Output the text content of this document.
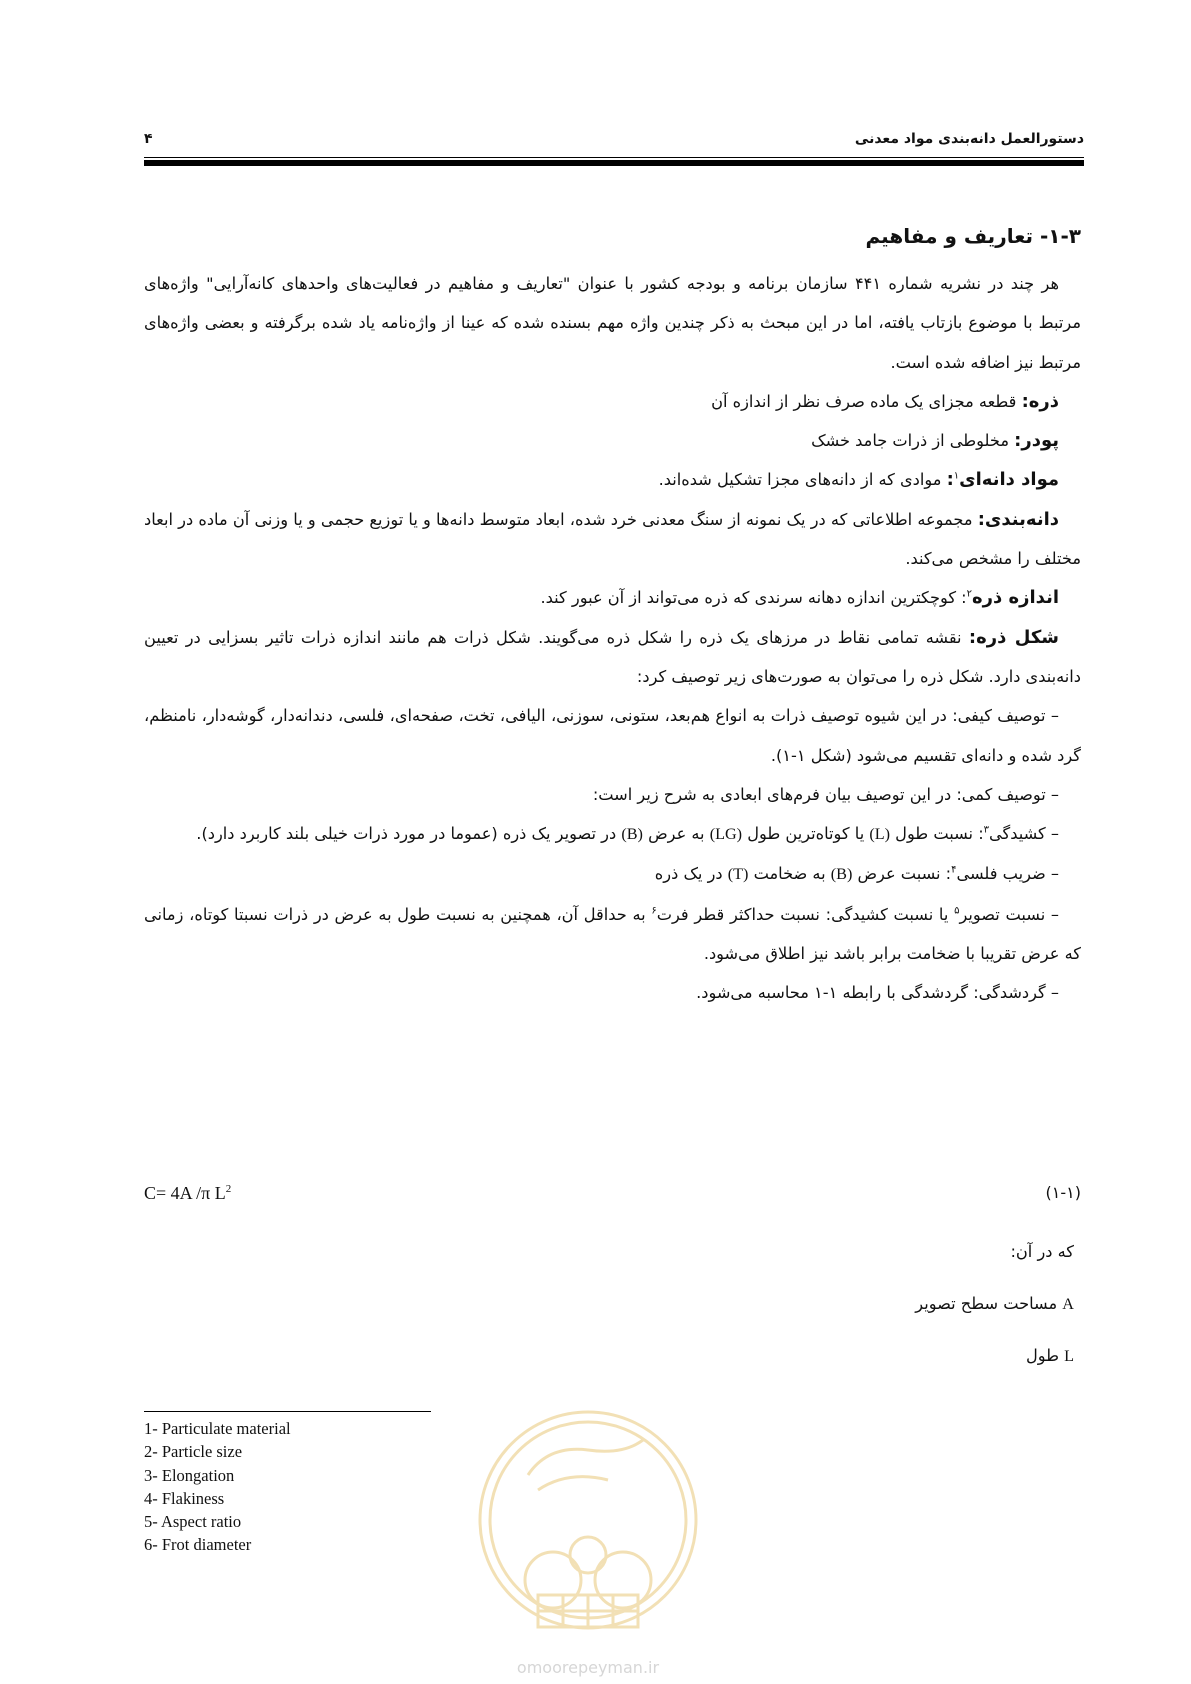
دستورالعمل دانه‌بندی مواد معدنی
۴

۱-۳- تعاریف و مفاهیم

هر چند در نشریه شماره ۴۴۱ سازمان برنامه و بودجه کشور با عنوان "تعاریف و مفاهیم در فعالیت‌های واحدهای کانه‌آرایی" واژه‌های مرتبط با موضوع بازتاب یافته، اما در این مبحث به ذکر چندین واژه مهم بسنده شده که عینا از واژه‌نامه یاد شده برگرفته و بعضی واژه‌های مرتبط نیز اضافه شده است.

ذره: قطعه مجزای یک ماده صرف نظر از اندازه آن

پودر: مخلوطی از ذرات جامد خشک

مواد دانه‌ای$^۱$: موادی که از دانه‌های مجزا تشکیل شده‌اند.

دانه‌بندی: مجموعه اطلاعاتی که در یک نمونه از سنگ معدنی خرد شده، ابعاد متوسط دانه‌ها و یا توزیع حجمی و یا وزنی آن ماده در ابعاد مختلف را مشخص می‌کند.

اندازه ذره$^۲$: کوچکترین اندازه دهانه سرندی که ذره می‌تواند از آن عبور کند.

شکل ذره: نقشه تمامی نقاط در مرزهای یک ذره را شکل ذره می‌گویند. شکل ذرات هم مانند اندازه ذرات تاثیر بسزایی در تعیین دانه‌بندی دارد. شکل ذره را می‌توان به صورت‌های زیر توصیف کرد:

– توصیف کیفی: در این شیوه توصیف ذرات به انواع هم‌بعد، ستونی، سوزنی، الیافی، تخت، صفحه‌ای، فلسی، دندانه‌دار، گوشه‌دار، نامنظم، گرد شده و دانه‌ای تقسیم می‌شود (شکل ۱-۱).

– توصیف کمی: در این توصیف بیان فرم‌های ابعادی به شرح زیر است:

– کشیدگی$^۳$: نسبت طول (L) یا کوتاه‌ترین طول (LG) به عرض (B) در تصویر یک ذره (عموما در مورد ذرات خیلی بلند کاربرد دارد).

– ضریب فلسی$^۴$: نسبت عرض (B) به ضخامت (T) در یک ذره

– نسبت تصویر$^۵$ یا نسبت کشیدگی: نسبت حداکثر قطر فرت$^۶$ به حداقل آن، همچنین به نسبت طول به عرض در ذرات نسبتا کوتاه، زمانی که عرض تقریبا با ضخامت برابر باشد نیز اطلاق می‌شود.

– گردشدگی: گردشدگی با رابطه ۱-۱ محاسبه می‌شود.

C= 4A /π $L^2$	(۱-۱)

که در آن:

A مساحت سطح تصویر

L طول

1- Particulate material
2- Particle size
3- Elongation
4- Flakiness
5- Aspect ratio
6- Frot diameter
omoorepeyman.ir
